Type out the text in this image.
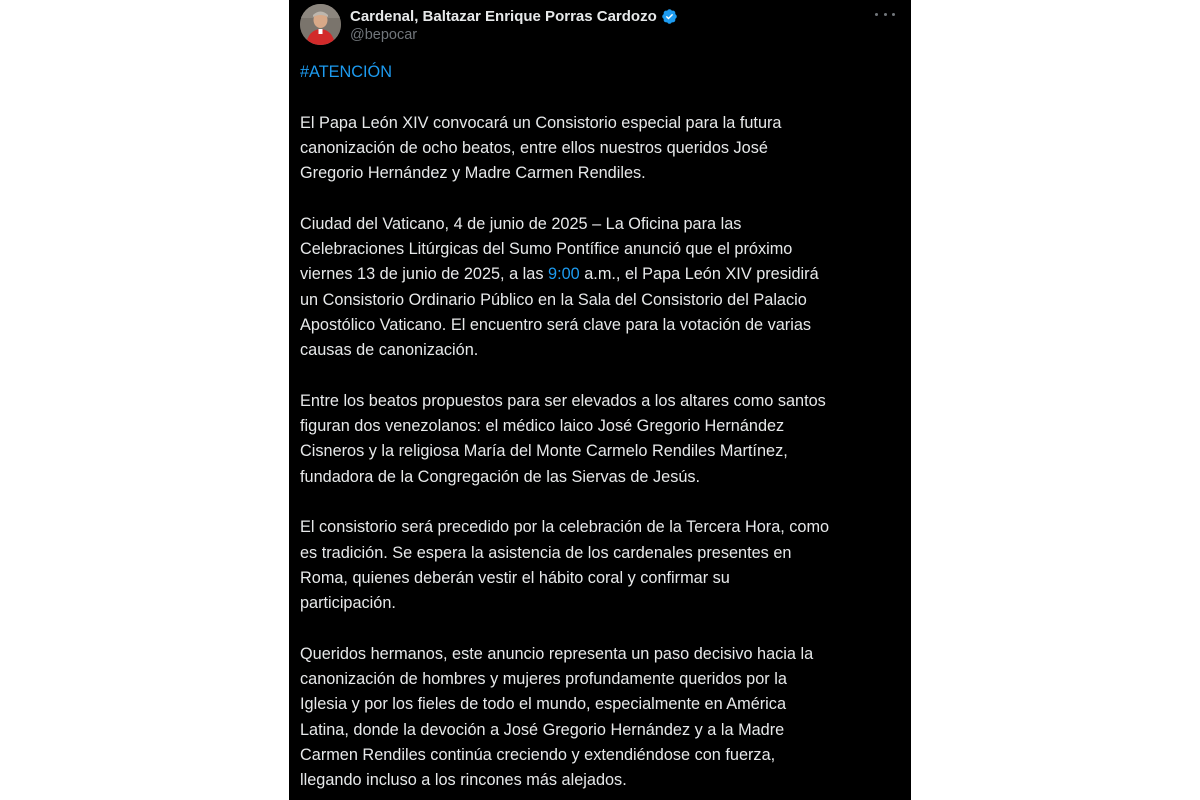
Cardenal, Baltazar Enrique Porras Cardozo
@bepocar

#ATENCIÓN

El Papa León XIV convocará un Consistorio especial para la futura
canonización de ocho beatos, entre ellos nuestros queridos José
Gregorio Hernández y Madre Carmen Rendiles.

Ciudad del Vaticano, 4 de junio de 2025 – La Oficina para las
Celebraciones Litúrgicas del Sumo Pontífice anunció que el próximo
viernes 13 de junio de 2025, a las 9:00 a.m., el Papa León XIV presidirá
un Consistorio Ordinario Público en la Sala del Consistorio del Palacio
Apostólico Vaticano. El encuentro será clave para la votación de varias
causas de canonización.

Entre los beatos propuestos para ser elevados a los altares como santos
figuran dos venezolanos: el médico laico José Gregorio Hernández
Cisneros y la religiosa María del Monte Carmelo Rendiles Martínez,
fundadora de la Congregación de las Siervas de Jesús.

El consistorio será precedido por la celebración de la Tercera Hora, como
es tradición. Se espera la asistencia de los cardenales presentes en
Roma, quienes deberán vestir el hábito coral y confirmar su
participación.

Queridos hermanos, este anuncio representa un paso decisivo hacia la
canonización de hombres y mujeres profundamente queridos por la
Iglesia y por los fieles de todo el mundo, especialmente en América
Latina, donde la devoción a José Gregorio Hernández y a la Madre
Carmen Rendiles continúa creciendo y extendiéndose con fuerza,
llegando incluso a los rincones más alejados.
